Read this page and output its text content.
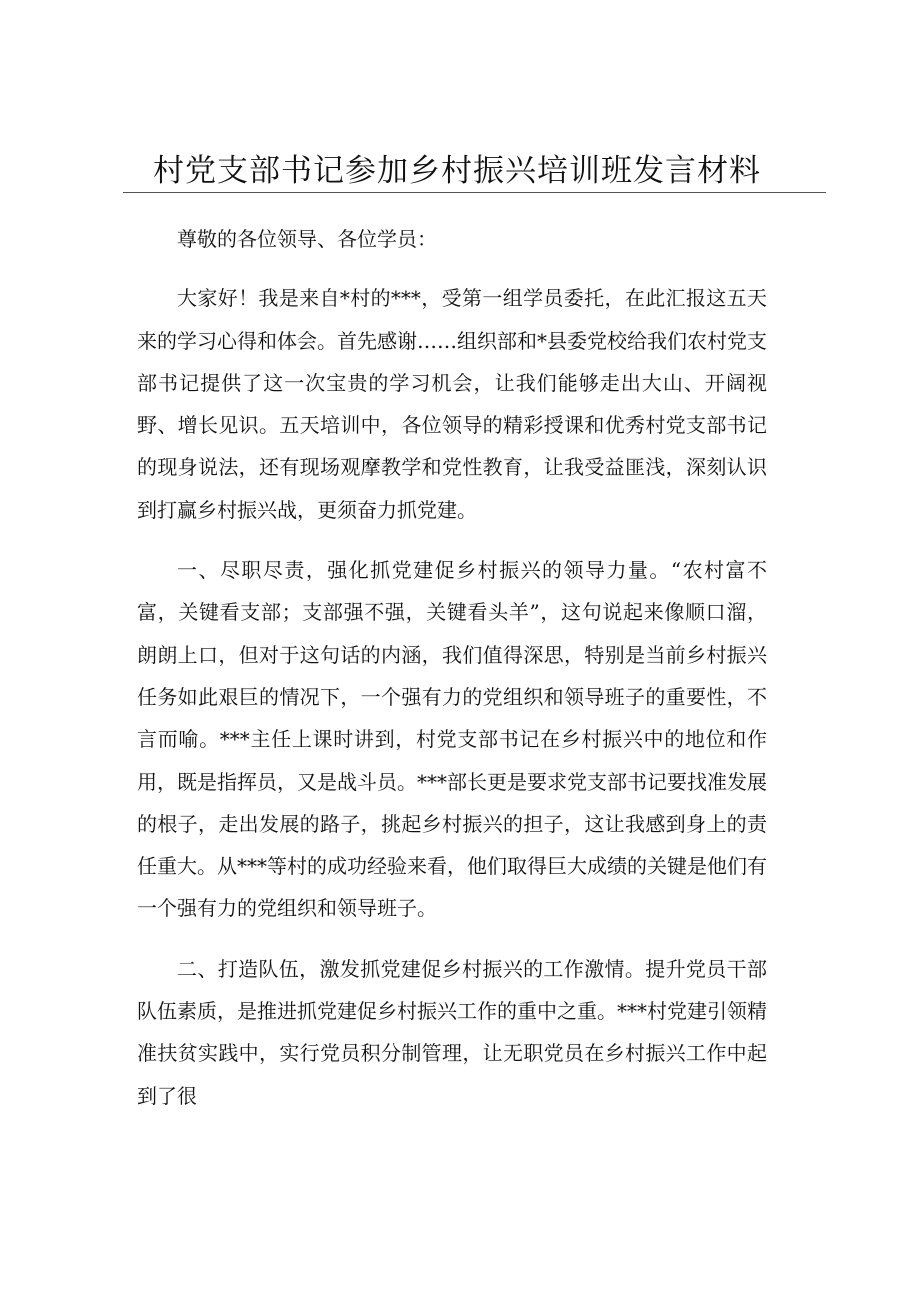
村党支部书记参加乡村振兴培训班发言材料

尊敬的各位领导、各位学员：

大家好！我是来自*村的***，受第一组学员委托，在此汇报这五天来的学习心得和体会。首先感谢……组织部和*县委党校给我们农村党支部书记提供了这一次宝贵的学习机会，让我们能够走出大山、开阔视野、增长见识。五天培训中，各位领导的精彩授课和优秀村党支部书记的现身说法，还有现场观摩教学和党性教育，让我受益匪浅，深刻认识到打赢乡村振兴战，更须奋力抓党建。

一、尽职尽责，强化抓党建促乡村振兴的领导力量。“农村富不富，关键看支部；支部强不强，关键看头羊”，这句说起来像顺口溜，朗朗上口，但对于这句话的内涵，我们值得深思，特别是当前乡村振兴任务如此艰巨的情况下，一个强有力的党组织和领导班子的重要性，不言而喻。***主任上课时讲到，村党支部书记在乡村振兴中的地位和作用，既是指挥员，又是战斗员。***部长更是要求党支部书记要找准发展的根子，走出发展的路子，挑起乡村振兴的担子，这让我感到身上的责任重大。从***等村的成功经验来看，他们取得巨大成绩的关键是他们有一个强有力的党组织和领导班子。

二、打造队伍，激发抓党建促乡村振兴的工作激情。提升党员干部队伍素质，是推进抓党建促乡村振兴工作的重中之重。***村党建引领精准扶贫实践中，实行党员积分制管理，让无职党员在乡村振兴工作中起到了很
